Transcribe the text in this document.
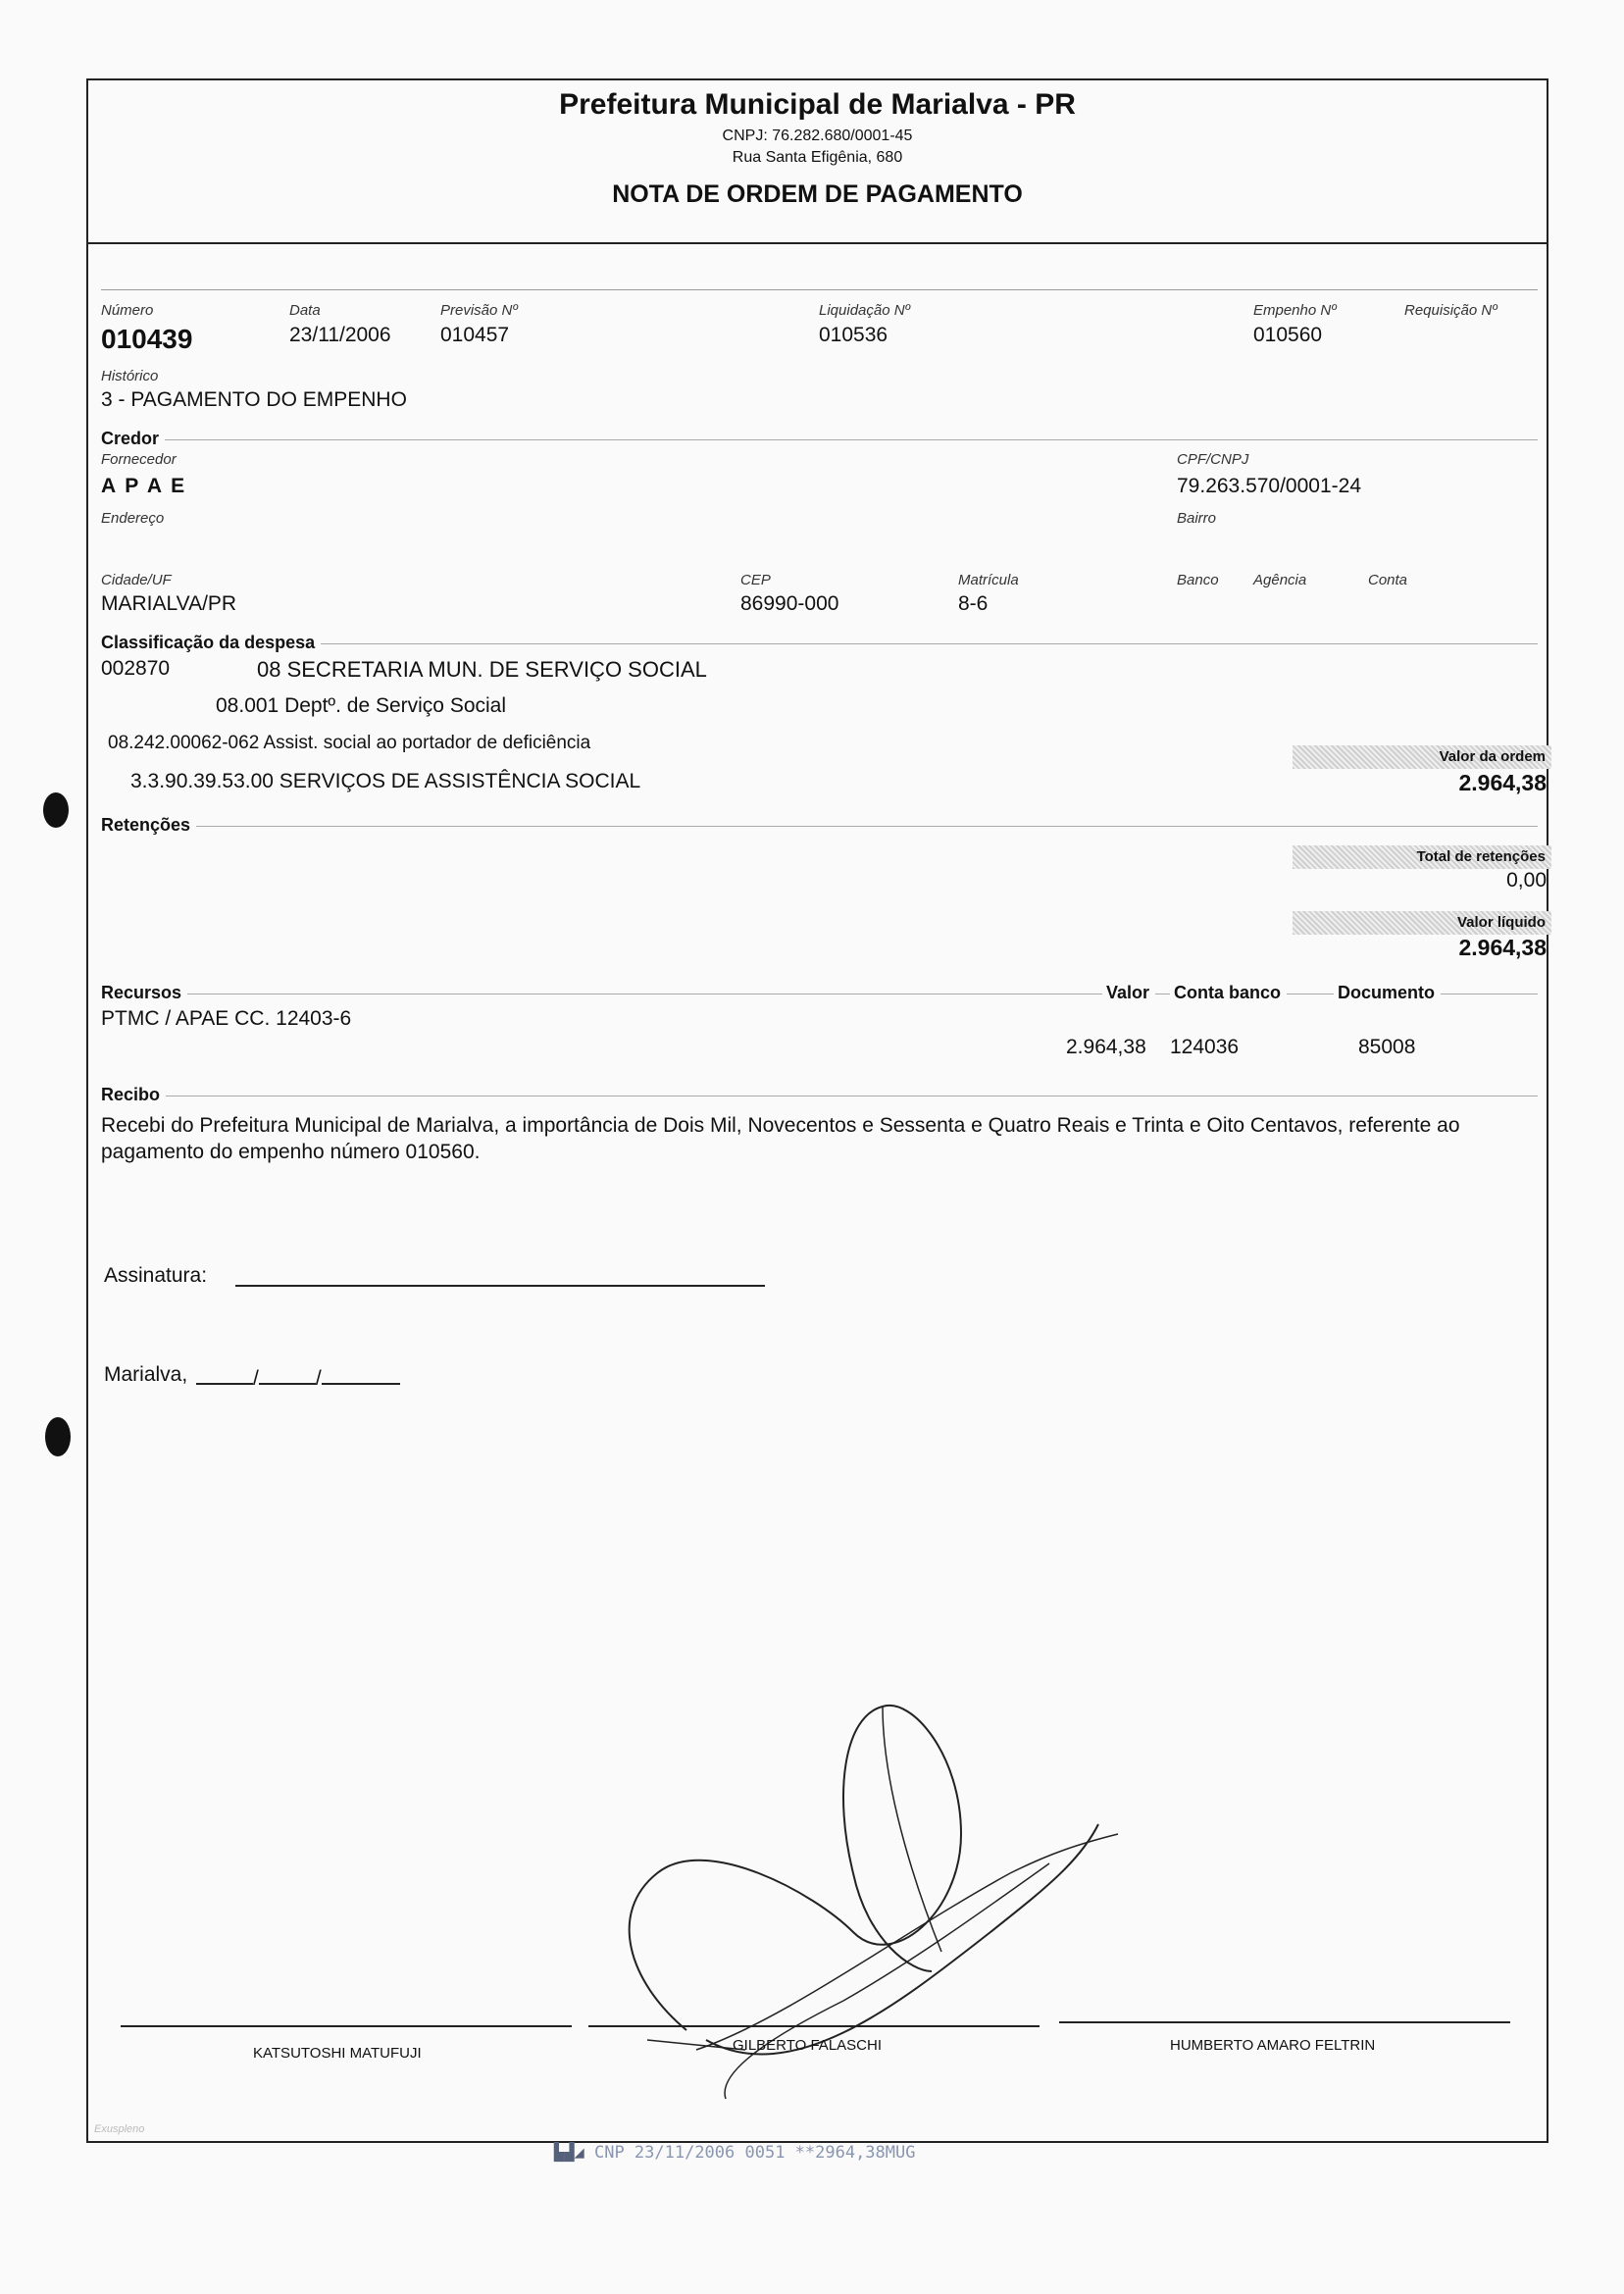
Prefeitura Municipal de Marialva - PR
CNPJ: 76.282.680/0001-45
Rua Santa Efigênia, 680
NOTA DE ORDEM DE PAGAMENTO
Número
010439
Data
23/11/2006
Previsão Nº
010457
Liquidação Nº
010536
Empenho Nº
010560
Requisição Nº
Histórico
3 - PAGAMENTO DO EMPENHO
Credor
Fornecedor
A P A E
CPF/CNPJ
79.263.570/0001-24
Endereço	Bairro
Cidade/UF
MARIALVA/PR
CEP
86990-000
Matrícula
8-6
Banco Agência	Conta
Classificação da despesa
002870	08 SECRETARIA MUN. DE SERVIÇO SOCIAL
08.001 Deptº. de Serviço Social
08.242.00062-062 Assist. social ao portador de deficiência
3.3.90.39.53.00 SERVIÇOS DE ASSISTÊNCIA SOCIAL
Valor da ordem
2.964,38
Retenções
Total de retenções
0,00
Valor líquido
2.964,38
Recursos	Valor	Conta banco	Documento
PTMC / APAE CC. 12403-6
2.964,38 124036	85008
Recibo
Recebi do Prefeitura Municipal de Marialva, a importância de Dois Mil, Novecentos e Sessenta e Quatro Reais e Trinta e Oito Centavos, referente ao pagamento do empenho número 010560.
Assinatura:
Marialva,	/	/
KATSUTOSHI MATUFUJI	GILBERTO FALASCHI	HUMBERTO AMARO FELTRIN
Exuspleno
▙▟◢ CNP 23/11/2006 0051 **2964,38MUG
